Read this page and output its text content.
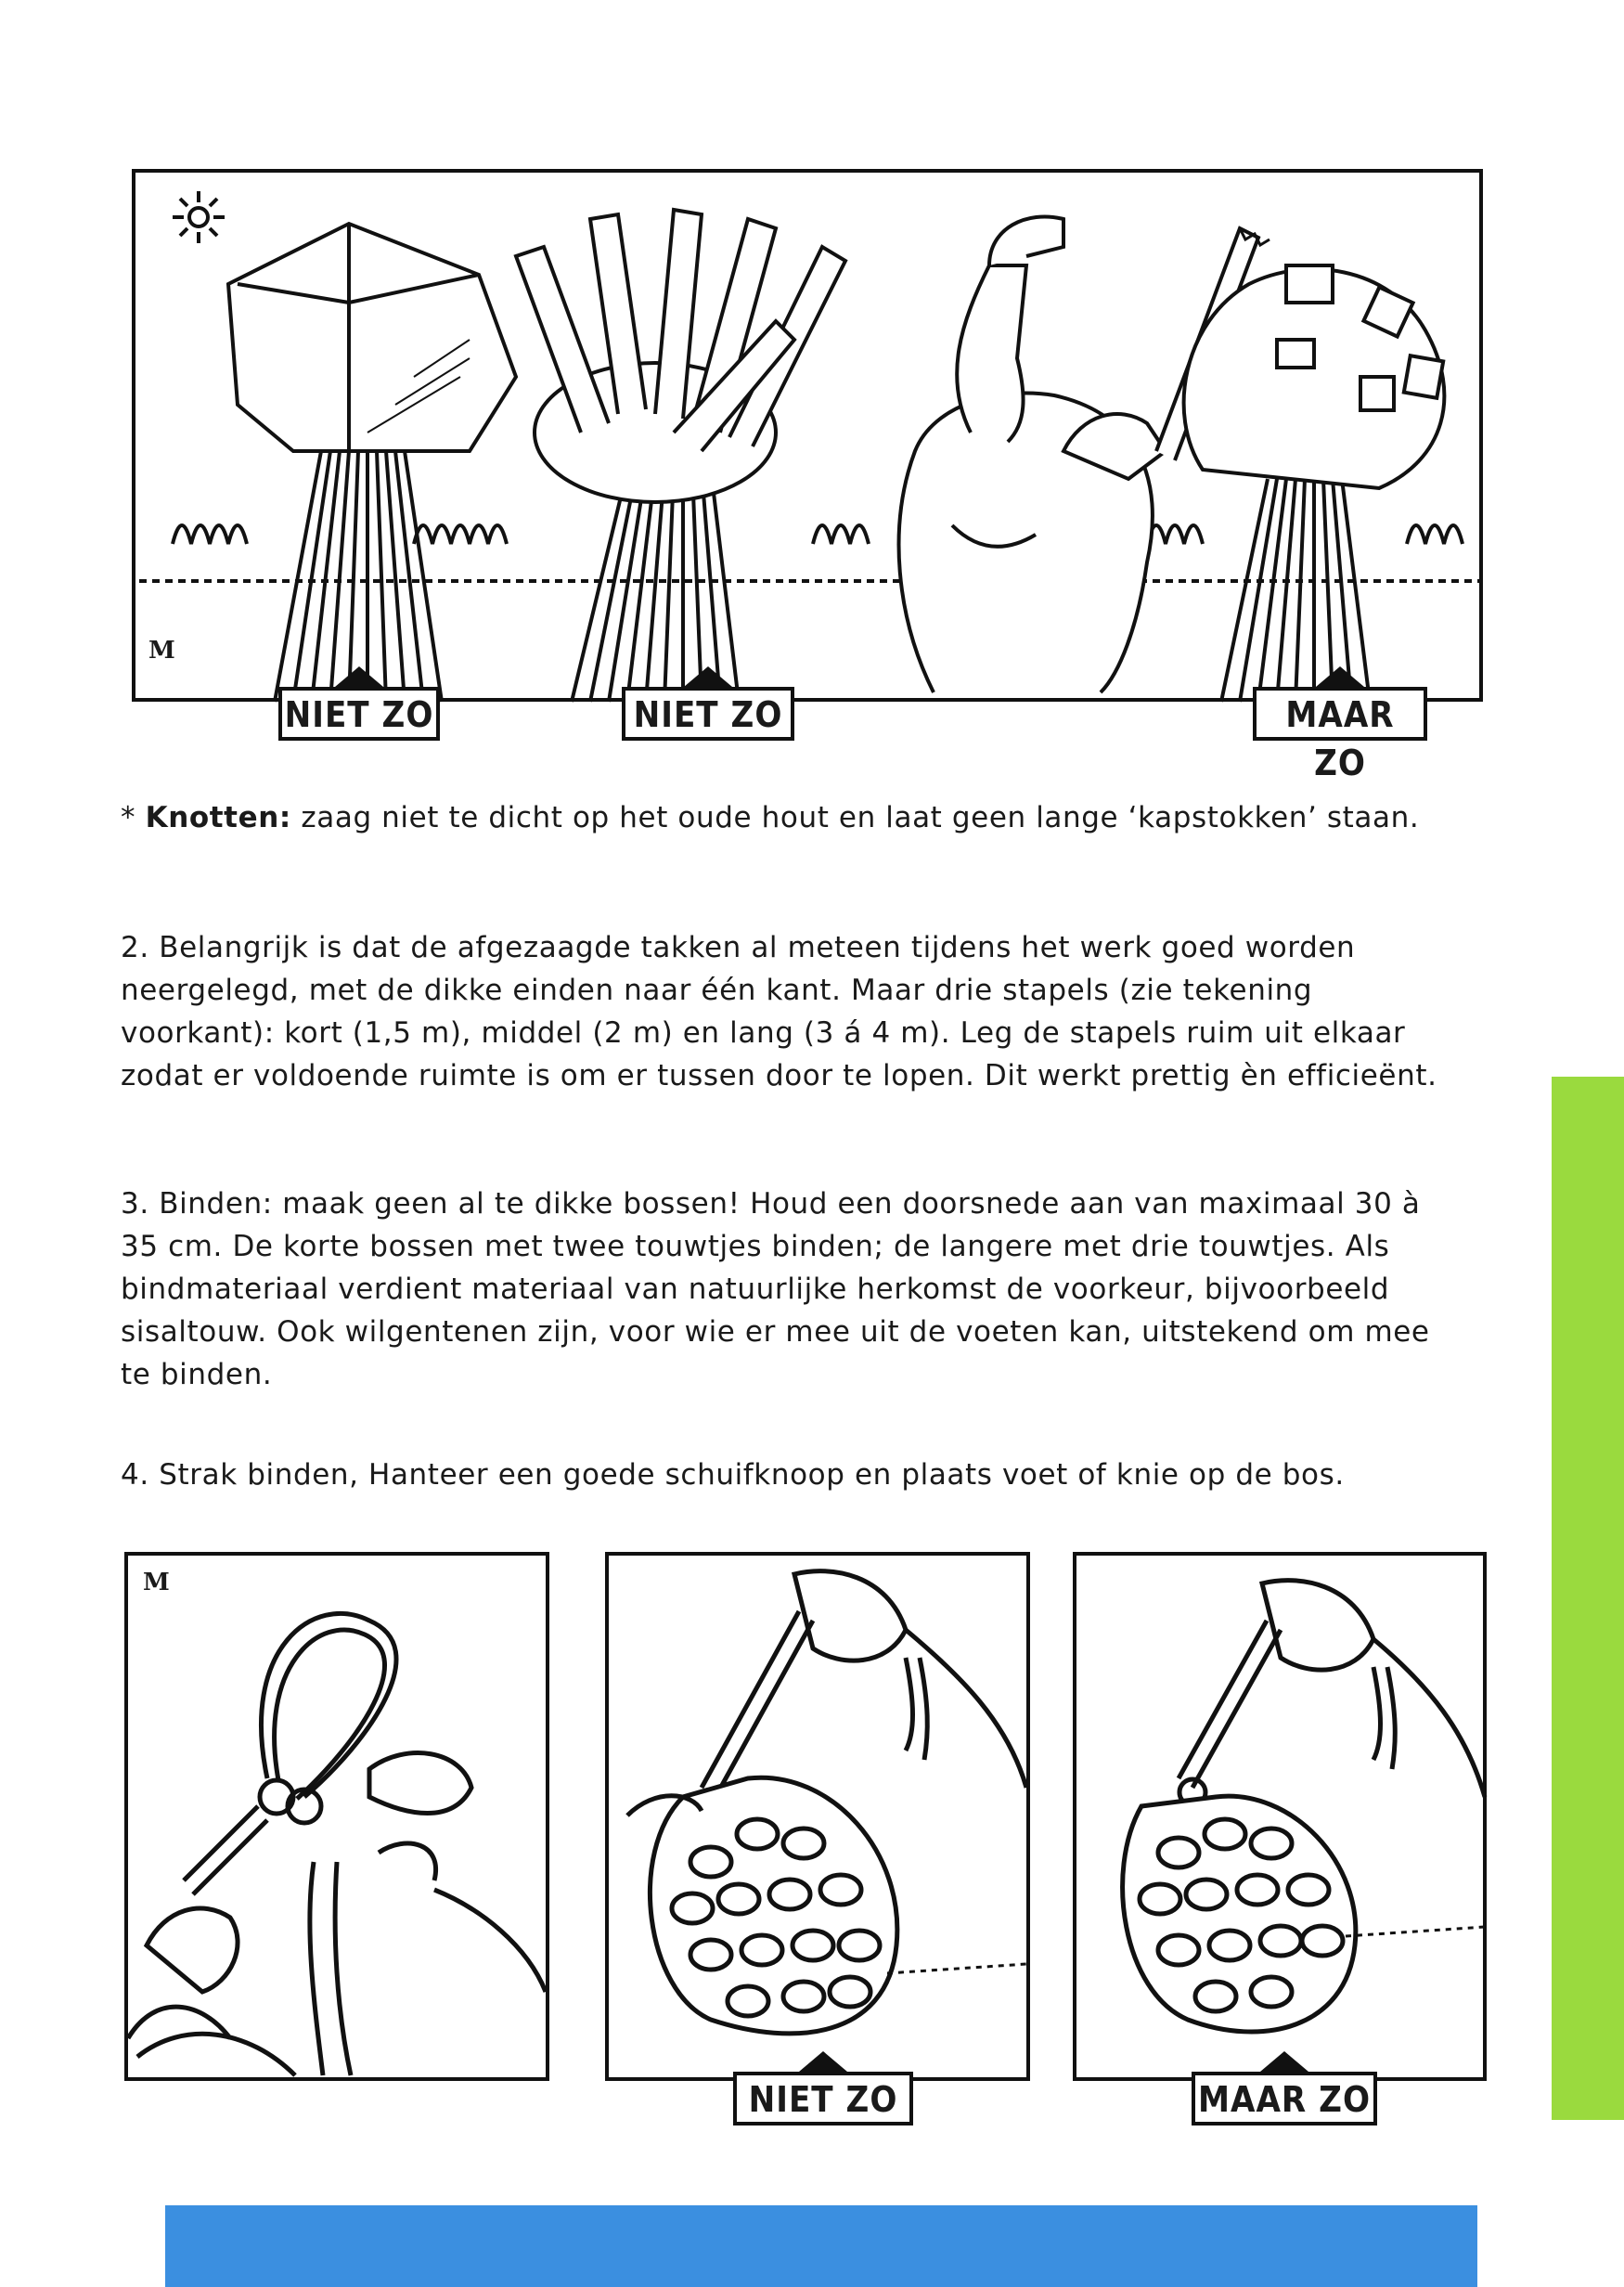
M
NIET ZO	NIET ZO	MAAR ZO
* Knotten: zaag niet te dicht op het oude hout en laat geen lange ‘kapstokken’ staan.
2. Belangrijk is dat de afgezaagde takken al meteen tijdens het werk goed worden neergelegd, met de dikke einden naar één kant. Maar drie stapels (zie tekening voorkant): kort (1,5 m), middel (2 m) en lang (3 á 4 m). Leg de stapels ruim uit elkaar zodat er voldoende ruimte is om er tussen door te lopen. Dit werkt prettig èn efficieënt.
3. Binden: maak geen al te dikke bossen! Houd een doorsnede aan van maximaal 30 à 35 cm. De korte bossen met twee touwtjes binden; de langere met drie touwtjes. Als bindmateriaal verdient materiaal van natuurlijke herkomst de voorkeur, bijvoorbeeld sisaltouw. Ook wilgentenen zijn, voor wie er mee uit de voeten kan, uitstekend om mee te binden.
4. Strak binden, Hanteer een goede schuifknoop en plaats voet of knie op de bos.
M
NIET ZO	MAAR ZO
